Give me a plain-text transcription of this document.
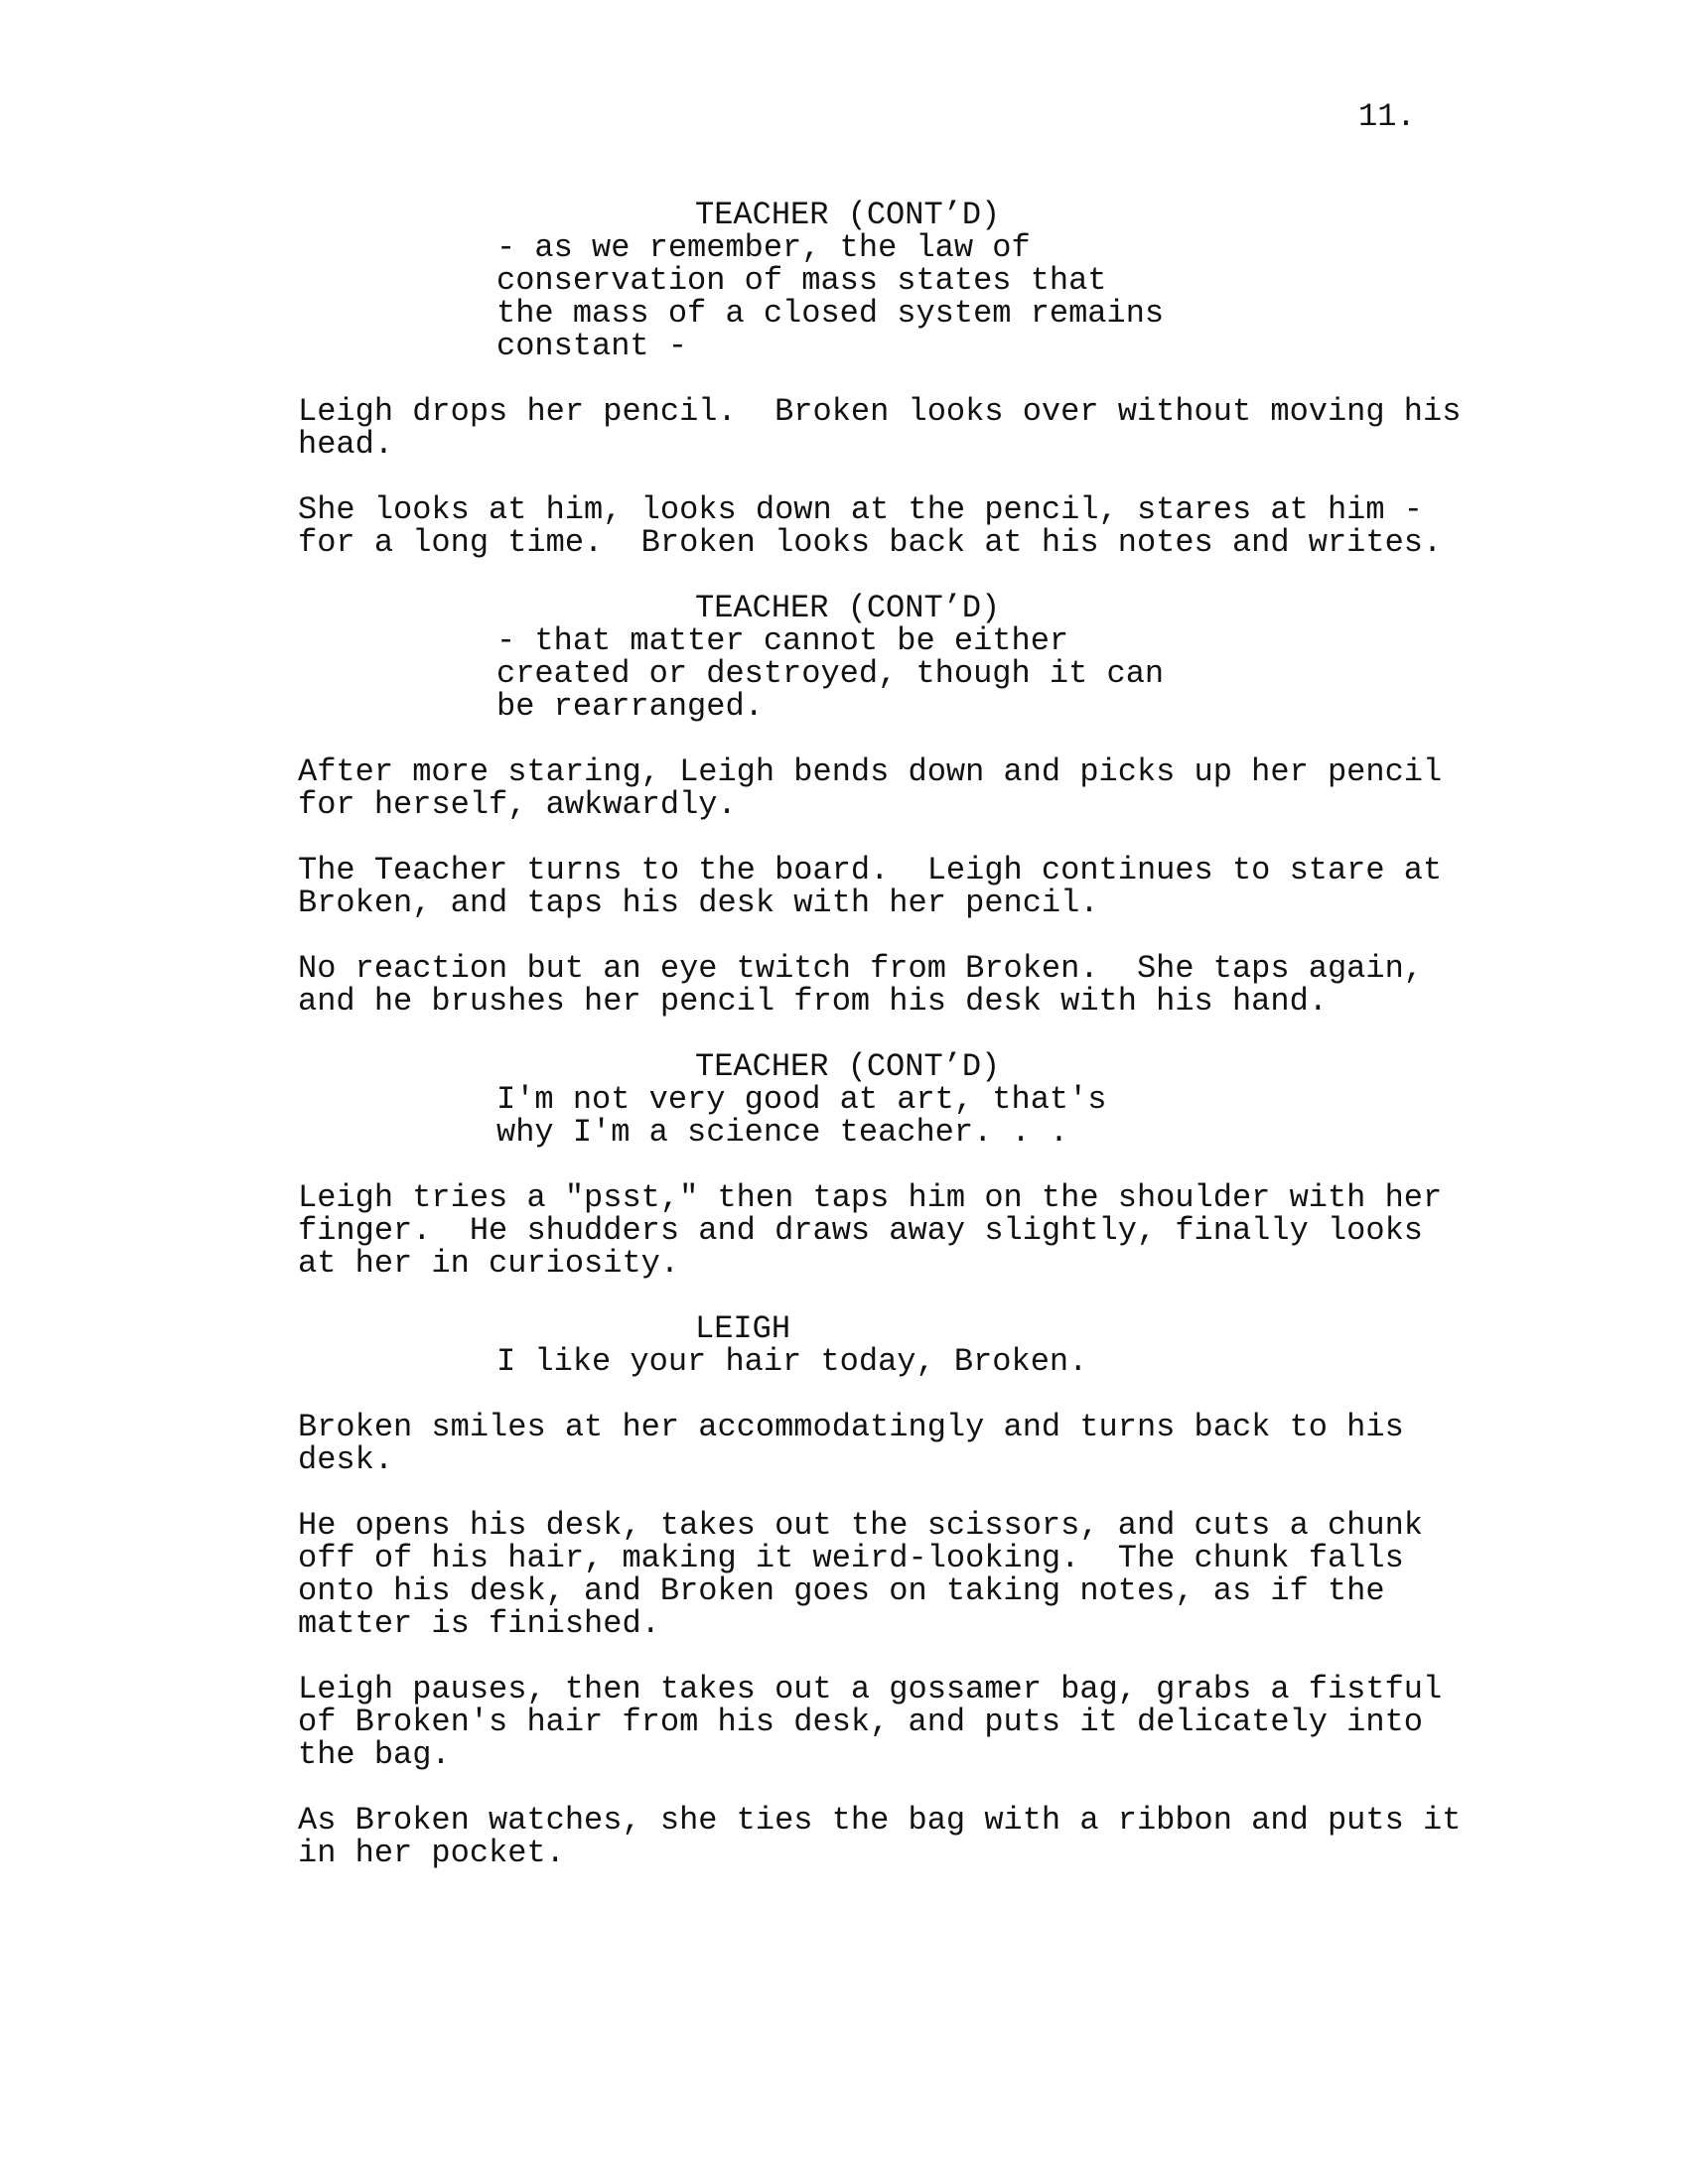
11.
TEACHER (CONT’D)
- as we remember, the law of
conservation of mass states that
the mass of a closed system remains
constant -
Leigh drops her pencil.  Broken looks over without moving his
head.
She looks at him, looks down at the pencil, stares at him -
for a long time.  Broken looks back at his notes and writes.
TEACHER (CONT’D)
- that matter cannot be either
created or destroyed, though it can
be rearranged.
After more staring, Leigh bends down and picks up her pencil
for herself, awkwardly.
The Teacher turns to the board.  Leigh continues to stare at
Broken, and taps his desk with her pencil.
No reaction but an eye twitch from Broken.  She taps again,
and he brushes her pencil from his desk with his hand.
TEACHER (CONT’D)
I'm not very good at art, that's
why I'm a science teacher. . .
Leigh tries a "psst," then taps him on the shoulder with her
finger.  He shudders and draws away slightly, finally looks
at her in curiosity.
LEIGH
I like your hair today, Broken.
Broken smiles at her accommodatingly and turns back to his
desk.
He opens his desk, takes out the scissors, and cuts a chunk
off of his hair, making it weird-looking.  The chunk falls
onto his desk, and Broken goes on taking notes, as if the
matter is finished.
Leigh pauses, then takes out a gossamer bag, grabs a fistful
of Broken's hair from his desk, and puts it delicately into
the bag.
As Broken watches, she ties the bag with a ribbon and puts it
in her pocket.
